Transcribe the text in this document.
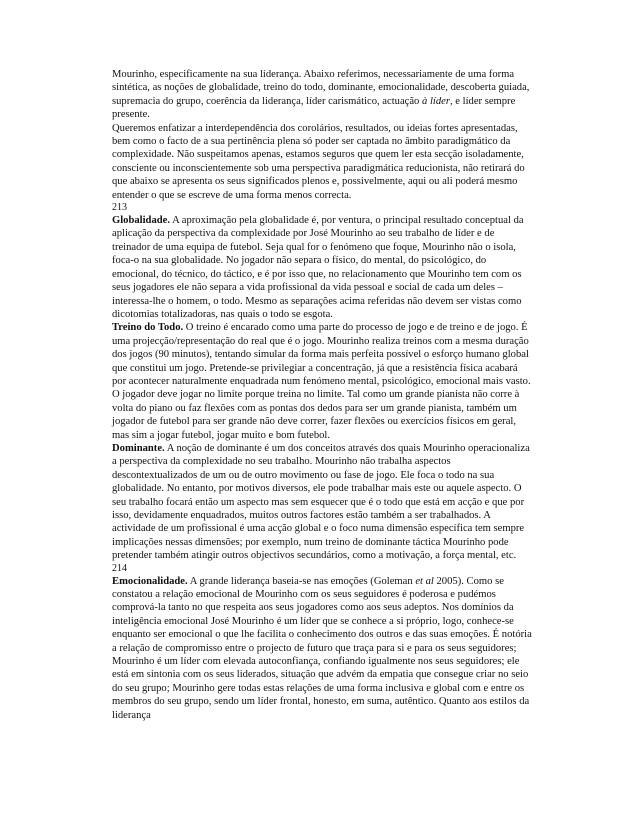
Mourinho, especificamente na sua liderança. Abaixo referimos, necessariamente de uma forma sintética, as noções de globalidade, treino do todo, dominante, emocionalidade, descoberta guiada, supremacia do grupo, coerência da liderança, líder carismático, actuação à líder, e líder sempre presente.

Queremos enfatizar a interdependência dos corolários, resultados, ou ideias fortes apresentadas, bem como o facto de a sua pertinência plena só poder ser captada no âmbito paradigmático da complexidade. Não suspeitamos apenas, estamos seguros que quem ler esta secção isoladamente, consciente ou inconscientemente sob uma perspectiva paradigmática reducionista, não retirará do que abaixo se apresenta os seus significados plenos e, possivelmente, aqui ou ali poderá mesmo entender o que se escreve de uma forma menos correcta.

213

Globalidade. A aproximação pela globalidade é, por ventura, o principal resultado conceptual da aplicação da perspectiva da complexidade por José Mourinho ao seu trabalho de líder e de treinador de uma equipa de futebol. Seja qual for o fenómeno que foque, Mourinho não o isola, foca-o na sua globalidade. No jogador não separa o físico, do mental, do psicológico, do emocional, do técnico, do táctico, e é por isso que, no relacionamento que Mourinho tem com os seus jogadores ele não separa a vida profissional da vida pessoal e social de cada um deles – interessa-lhe o homem, o todo. Mesmo as separações acima referidas não devem ser vistas como dicotomias totalizadoras, nas quais o todo se esgota.

Treino do Todo. O treino é encarado como uma parte do processo de jogo e de treino e de jogo. É uma projecção/representação do real que é o jogo. Mourinho realiza treinos com a mesma duração dos jogos (90 minutos), tentando simular da forma mais perfeita possível o esforço humano global que constitui um jogo. Pretende-se privilegiar a concentração, já que a resistência física acabará por acontecer naturalmente enquadrada num fenómeno mental, psicológico, emocional mais vasto. O jogador deve jogar no limite porque treina no limite. Tal como um grande pianista não corre à volta do piano ou faz flexões com as pontas dos dedos para ser um grande pianista, também um jogador de futebol para ser grande não deve correr, fazer flexões ou exercícios físicos em geral, mas sim a jogar futebol, jogar muito e bom futebol.

Dominante. A noção de dominante é um dos conceitos através dos quais Mourinho operacionaliza a perspectiva da complexidade no seu trabalho. Mourinho não trabalha aspectos descontextualizados de um ou de outro movimento ou fase de jogo. Ele foca o todo na sua globalidade. No entanto, por motivos diversos, ele pode trabalhar mais este ou aquele aspecto. O seu trabalho focará então um aspecto mas sem esquecer que é o todo que está em acção e que por isso, devidamente enquadrados, muitos outros factores estão também a ser trabalhados. A actividade de um profissional é uma acção global e o foco numa dimensão específica tem sempre implicações nessas dimensões; por exemplo, num treino de dominante táctica Mourinho pode pretender também atingir outros objectivos secundários, como a motivação, a força mental, etc.

214

Emocionalidade. A grande liderança baseia-se nas emoções (Goleman et al 2005). Como se constatou a relação emocional de Mourinho com os seus seguidores é poderosa e pudémos comprová-la tanto no que respeita aos seus jogadores como aos seus adeptos. Nos domínios da inteligência emocional José Mourinho é um líder que se conhece a si próprio, logo, conhece-se enquanto ser emocional o que lhe facilita o conhecimento dos outros e das suas emoções. É notória a relação de compromisso entre o projecto de futuro que traça para si e para os seus seguidores; Mourinho é um líder com elevada autoconfiança, confiando igualmente nos seus seguidores; ele está em sintonia com os seus liderados, situação que advém da empatia que consegue criar no seio do seu grupo; Mourinho gere todas estas relações de uma forma inclusiva e global com e entre os membros do seu grupo, sendo um líder frontal, honesto, em suma, autêntico. Quanto aos estilos da liderança
